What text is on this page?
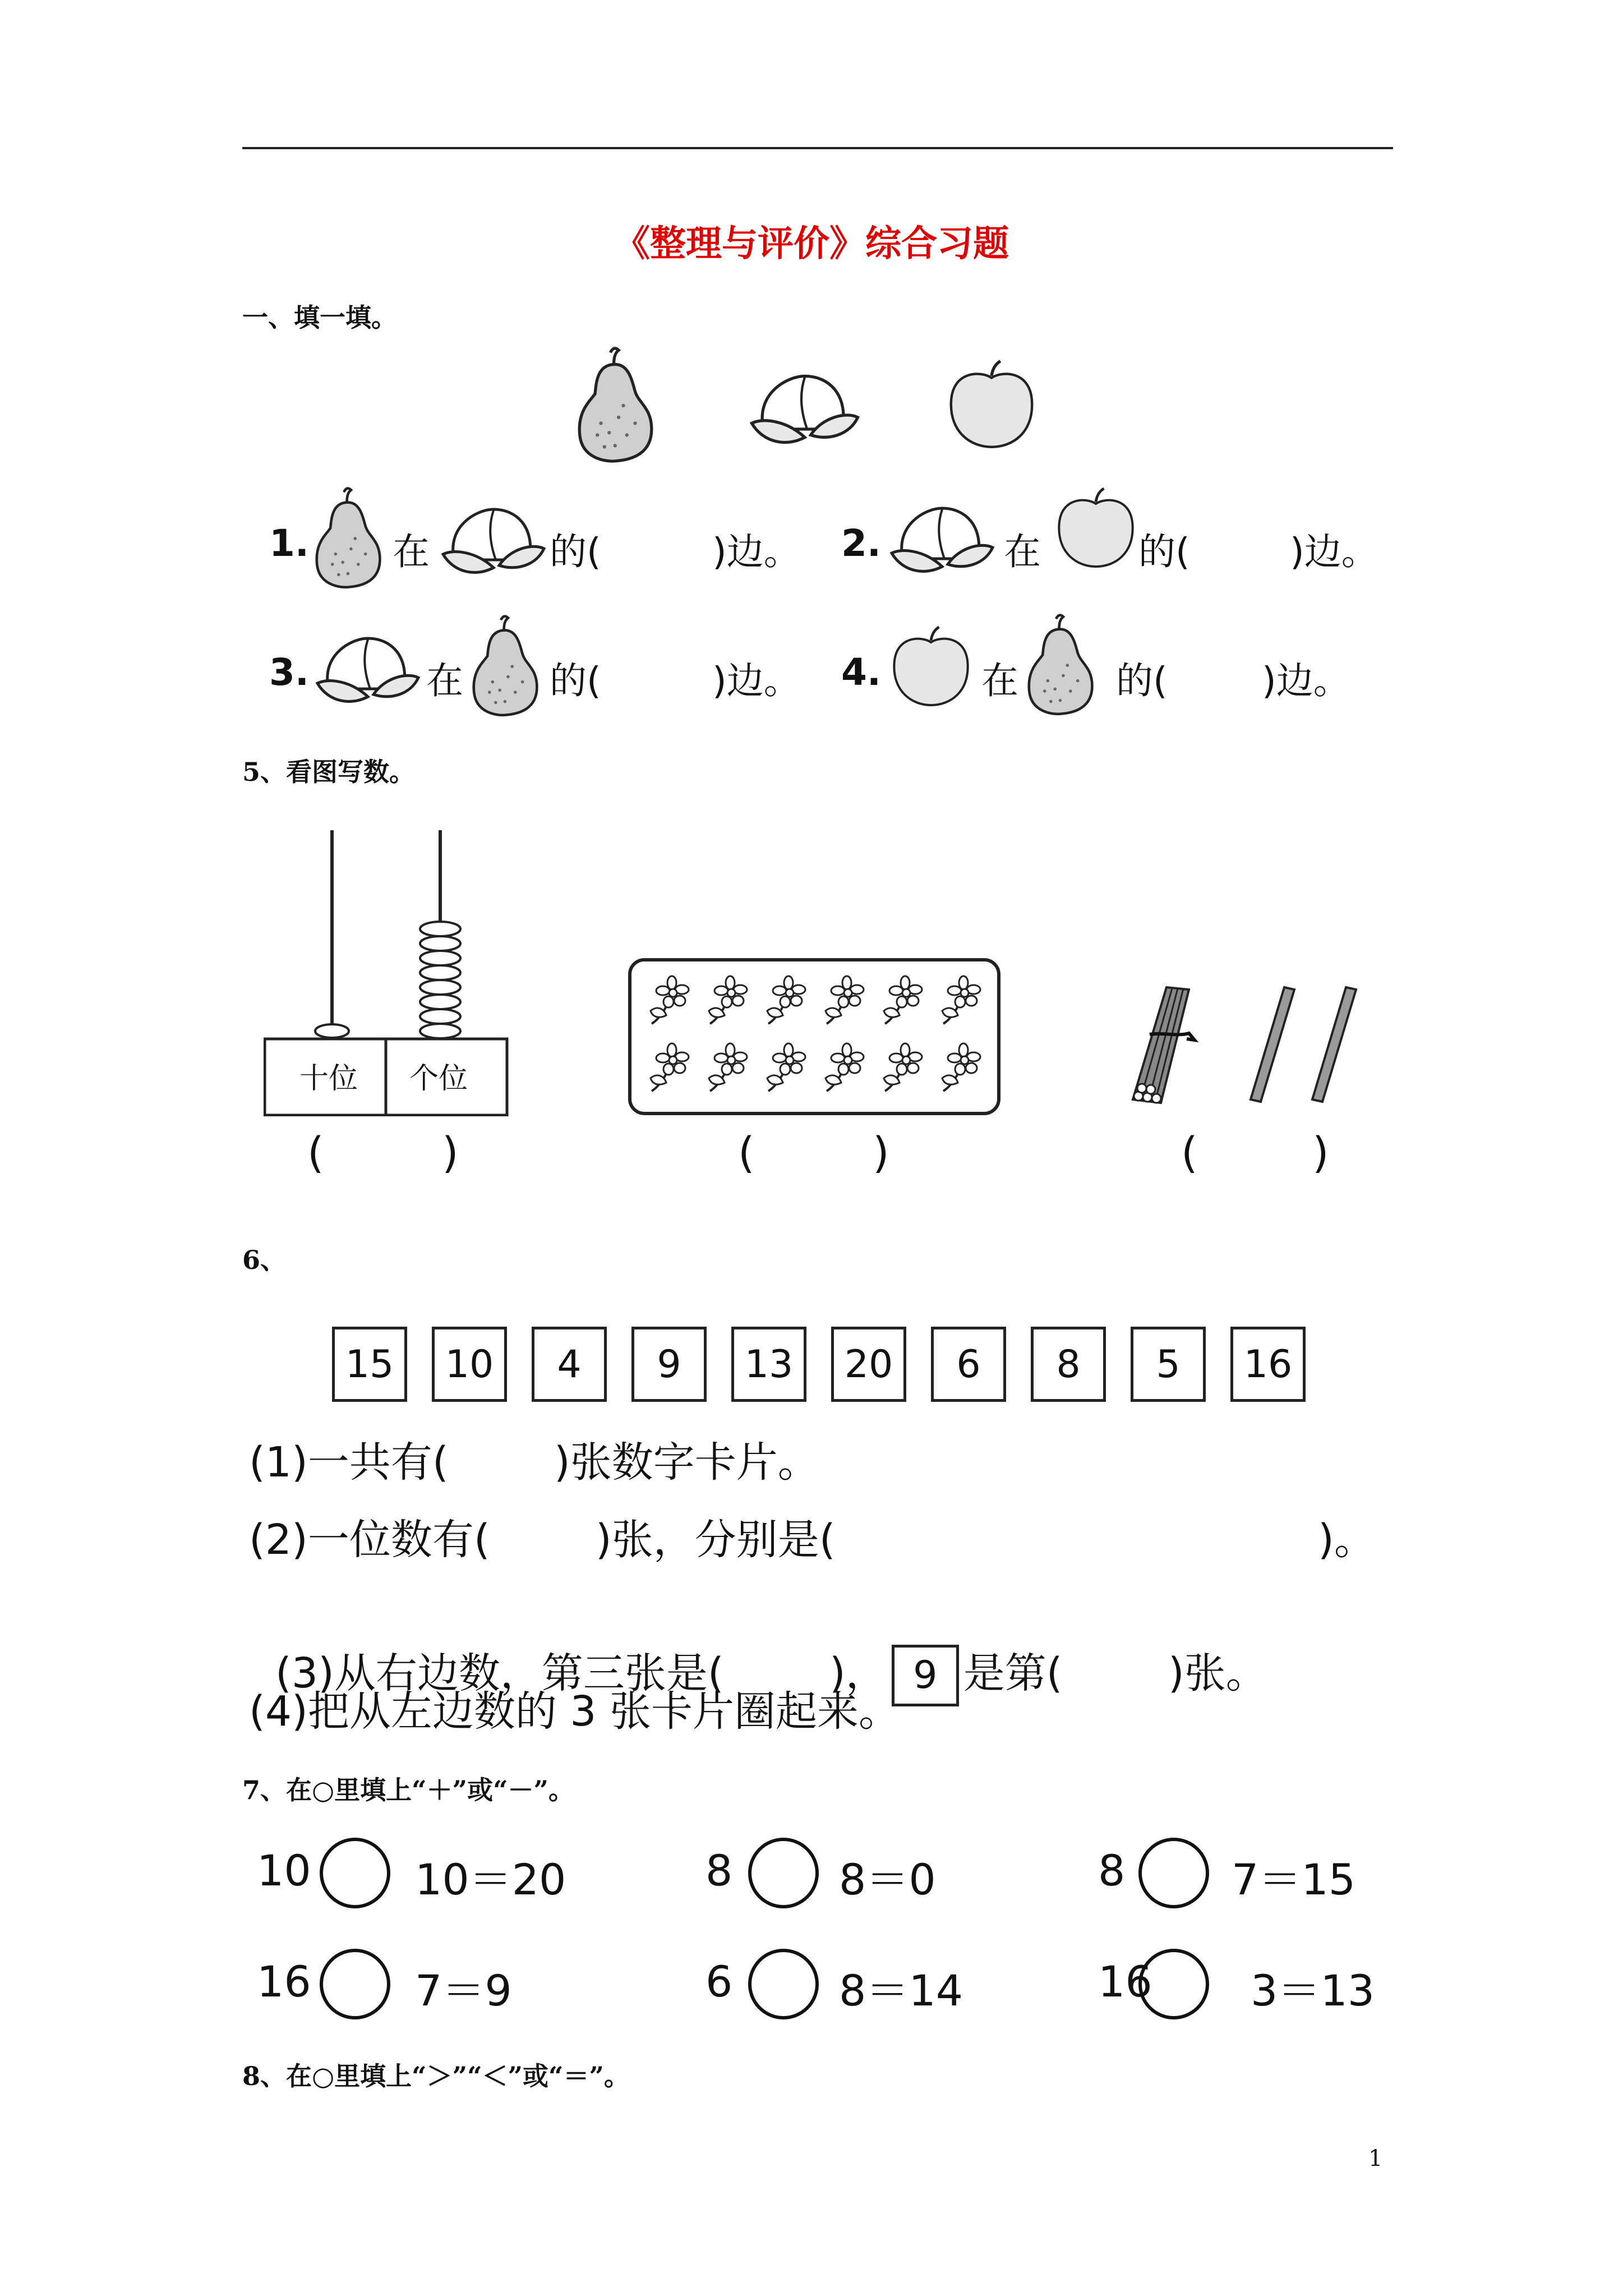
《整理与评价》综合习题
一、填一填。
1. 在	的(	)边。 2.	在	的(	)边。
3.	在 的(	)边。 4.	在	的(	)边。
5、看图写数。
十位 个位
(	)	(	)	(	)
6、
15	10	4	9	13	20	6	8	5	16
(1)一共有(        )张数字卡片。
(2)一位数有(        )张，分别是(	)。

(3)从右边数，第三张是(        )， 9 是第(        )张。

(4)把从左边数的 3 张卡片圈起来。
7、在○里填上“＋”或“－”。
10 10＝20	8 8＝0	8 7＝15
16 7＝9	6 8＝14	16 3＝13
8、在○里填上“＞”“＜”或“＝”。
1
